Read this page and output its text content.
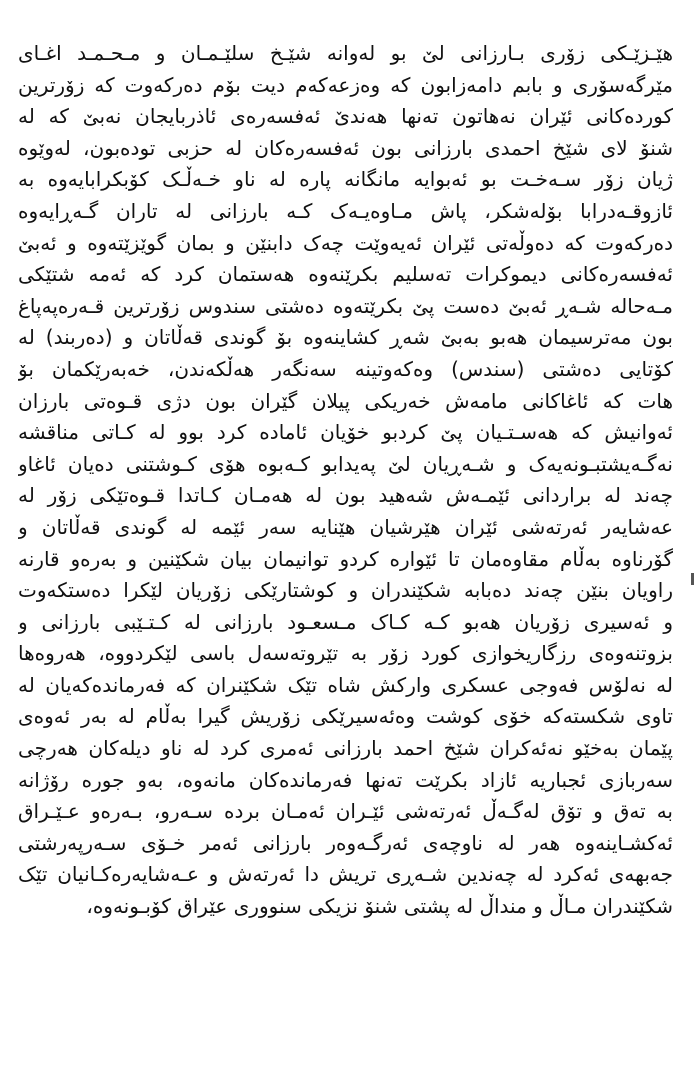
هێـزێـکی زۆری بـارزانی لێ بو لەوانە شێـخ سلێـمـان و مـحـمـد اغـای
مێرگەسۆری و بابم دامەزابون کە وەزعەکەم دیت بۆم دەرکەوت کە زۆرترین
کوردەکانی ئێران نەهاتون تەنها هەندێ ئەفسەرەی ئاذربایجان نەبێ کە لە
شنۆ لای شێخ احمدی بارزانی بون ئەفسەرەکان لە حزبی تودەبون، لەوێوە
ژیان زۆر سـەخـت بو ئەبوایە مانگانە پارە لە ناو خـەڵـک کۆبکرابایەوە بە
ئازوقـەدرابا بۆلەشکر، پاش مـاوەیـەک کـە بارزانی لە تاران گـەڕایەوە
دەرکەوت کە دەوڵەتی ئێران ئەیەوێت چەک دابنێن و بمان گوێزێتەوە و ئەبێ
ئەفسەرەکانی دیموکرات تەسلیم بکرێنەوە هەستمان کرد کە ئەمە شتێکی
مـەحالە شـەڕ ئەبێ دەست پێ بکرێتەوە دەشتی سندوس زۆرترین قـەرەپەپاغ
بون مەترسیمان هەبو بەبێ شەڕ کشاینەوە بۆ گوندی قەڵاتان و (دەربند) لە
کۆتایی دەشتی (سندس) وەکەوتینە سەنگەر هەڵکەندن، خەبەرێکمان بۆ
هات کە ئاغاکانی مامەش خەریکی پیلان گێران بون دژی قـوەتی بارزان
ئەوانیش کە هەسـتـیان پێ کردبو خۆیان ئامادە کرد بوو لە کـاتی مناقشە
نەگـەیشتبـونەیەک و شـەڕیان لێ پەیدابو کـەبوە هۆی کـوشتنی دەیان ئاغاو
چەند لە براردانی ئێمـەش شەهید بون لە هەمـان کـاتدا قـوەتێکی زۆر لە
عەشایەر ئەرتەشی ئێران هێرشیان هێنایە سەر ئێمە لە گوندی قەڵاتان و
گۆرناوە بەڵام مقاوەمان تا ئێوارە کردو توانیمان بیان شکێنین و بەرەو قارنە
راویان بنێن چەند دەبابە شکێندران و کوشتارێکی زۆریان لێکرا دەستکەوت
و ئەسیری زۆریان هەبو کـە کـاک مـسعـود بارزانی لە کـتـێبی بارزانی و
بزوتنەوەی رزگاریخوازی کورد زۆر بە تێروتەسەل باسی لێکردووە، هەروەها
لە نەلۆس فەوجی عسکری وارکش شاە تێک شکێنران کە فەرماندەکەیان لە
تاوی شکستەکە خۆی کوشت وەئەسیرێکی زۆریش گیرا بەڵام لە بەر ئەوەی
پێمان بەخێو نەئەکران شێخ احمد بارزانی ئەمری کرد لە ناو دیلەکان هەرچی
سەربازی ئجباریە ئازاد بکرێت تەنها فەرماندەکان مانەوە، بەو جورە رۆژانە
بە تەق و تۆق لەگـەڵ ئەرتەشی ئێـران ئەمـان بردە سـەرو، بـەرەو عـێـراق
ئەکشـاینەوە هەر لە ناوچەی ئەرگـەوەر بارزانی ئەمر خـۆی سـەرپەرشتی
جەبهەی ئەکرد لە چەندین شـەڕی تریش دا ئەرتەش و عـەشایەرەکـانیان تێک
شکێندران مـاڵ و منداڵ لە پشتی شنۆ نزیکی سنووری عێراق کۆبـونەوە،
